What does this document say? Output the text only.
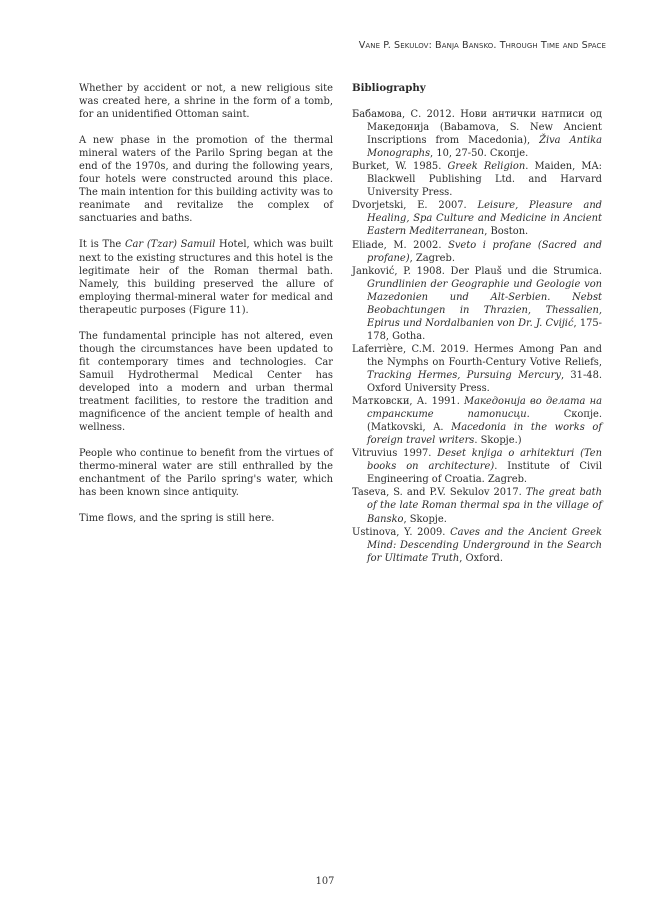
Vane P. Sekulov: Banja Bansko. Through Time and Space

Whether by accident or not, a new religious site was created here, a shrine in the form of a tomb, for an unidentified Ottoman saint.

A new phase in the promotion of the thermal mineral waters of the Parilo Spring began at the end of the 1970s, and during the following years, four hotels were constructed around this place. The main intention for this building activity was to reanimate and revitalize the complex of sanctuaries and baths.

It is The Car (Tzar) Samuil Hotel, which was built next to the existing structures and this hotel is the legitimate heir of the Roman thermal bath. Namely, this building preserved the allure of employing thermal-mineral water for medical and therapeutic purposes (Figure 11).

The fundamental principle has not altered, even though the circumstances have been updated to fit contemporary times and technologies. Car Samuil Hydrothermal Medical Center has developed into a modern and urban thermal treatment facilities, to restore the tradition and magnificence of the ancient temple of health and wellness.

People who continue to benefit from the virtues of thermo-mineral water are still enthralled by the enchantment of the Parilo spring's water, which has been known since antiquity.

Time flows, and the spring is still here.

Bibliography

Бабамова, С. 2012. Нови антички натписи од Македонија (Babamova, S. New Ancient Inscriptions from Macedonia), Živa Antika Monographs, 10, 27-50. Скопје.

Burket, W. 1985. Greek Religion. Maiden, MA: Blackwell Publishing Ltd. and Harvard University Press.

Dvorjetski, E. 2007. Leisure, Pleasure and Healing, Spa Culture and Medicine in Ancient Eastern Mediterranean, Boston.

Eliade, M. 2002. Sveto i profane (Sacred and profane), Zagreb.

Janković, P. 1908. Der Plauš und die Strumica. Grundlinien der Geographie und Geologie von Mazedonien und Alt-Serbien. Nebst Beobachtungen in Thrazien, Thessalien, Epirus und Nordalbanien von Dr. J. Cvijić, 175-178, Gotha.

Laferrière, C.M. 2019. Hermes Among Pan and the Nymphs on Fourth-Century Votive Reliefs, Tracking Hermes, Pursuing Mercury, 31-48. Oxford University Press.

Матковски, А. 1991. Македонија во делата на странските патописци. Скопје. (Matkovski, A. Macedonia in the works of foreign travel writers. Skopje.)

Vitruvius 1997. Deset knjiga o arhitekturi (Ten books on architecture). Institute of Civil Engineering of Croatia. Zagreb.

Taseva, S. and P.V. Sekulov 2017. The great bath of the late Roman thermal spa in the village of Bansko, Skopje.

Ustinova, Y. 2009. Caves and the Ancient Greek Mind: Descending Underground in the Search for Ultimate Truth, Oxford.

107
